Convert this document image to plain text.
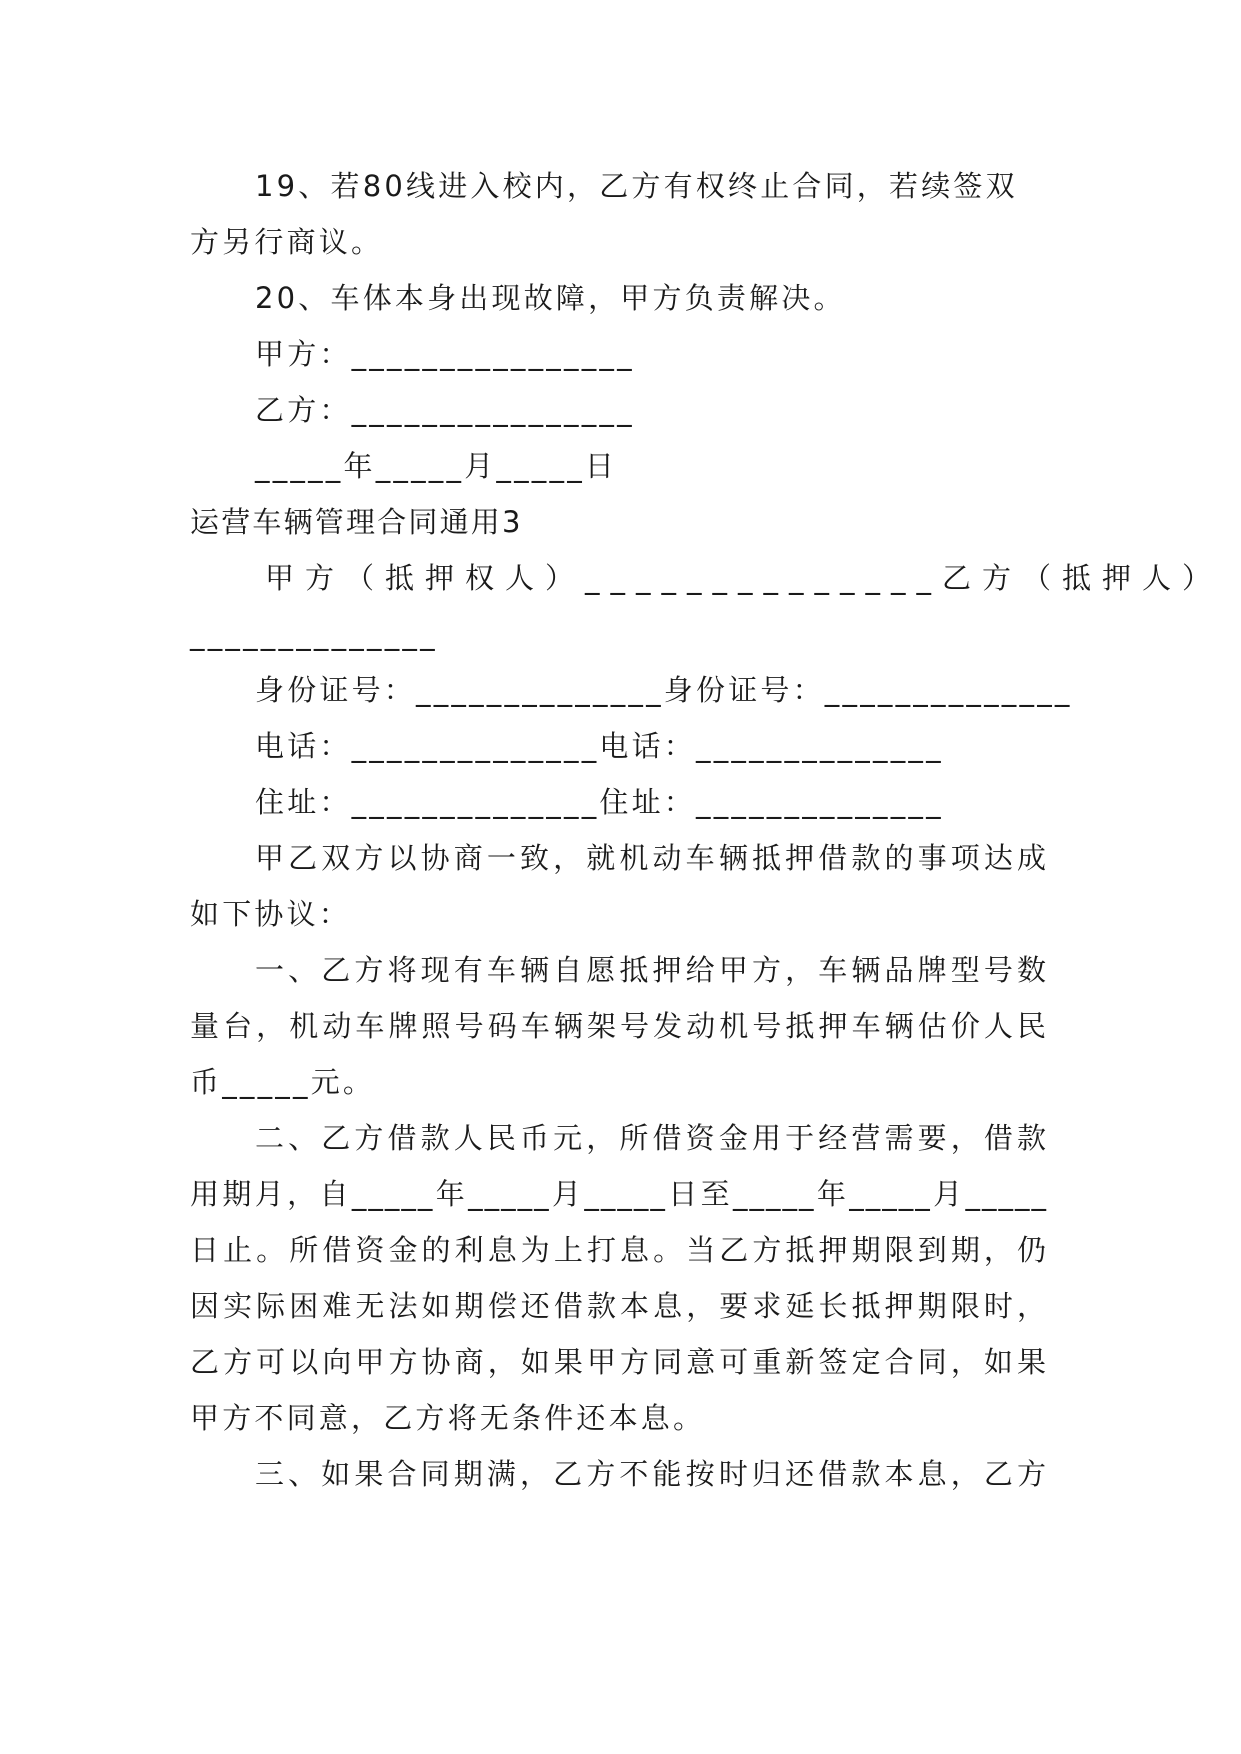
19、若80线进入校内，乙方有权终止合同，若续签双
方另行商议。
20、车体本身出现故障，甲方负责解决。
甲方：________________
乙方：________________
_____年_____月_____日
运营车辆管理合同通用3
甲方（抵押权人）______________乙方（抵押人）
______________
身份证号：______________身份证号：______________
电话：______________电话：______________
住址：______________住址：______________
甲乙双方以协商一致，就机动车辆抵押借款的事项达成
如下协议：
一、乙方将现有车辆自愿抵押给甲方，车辆品牌型号数
量台，机动车牌照号码车辆架号发动机号抵押车辆估价人民
币_____元。
二、乙方借款人民币元，所借资金用于经营需要，借款
用期月，自_____年_____月_____日至_____年_____月_____
日止。所借资金的利息为上打息。当乙方抵押期限到期，仍
因实际困难无法如期偿还借款本息，要求延长抵押期限时，
乙方可以向甲方协商，如果甲方同意可重新签定合同，如果
甲方不同意，乙方将无条件还本息。
三、如果合同期满，乙方不能按时归还借款本息，乙方
